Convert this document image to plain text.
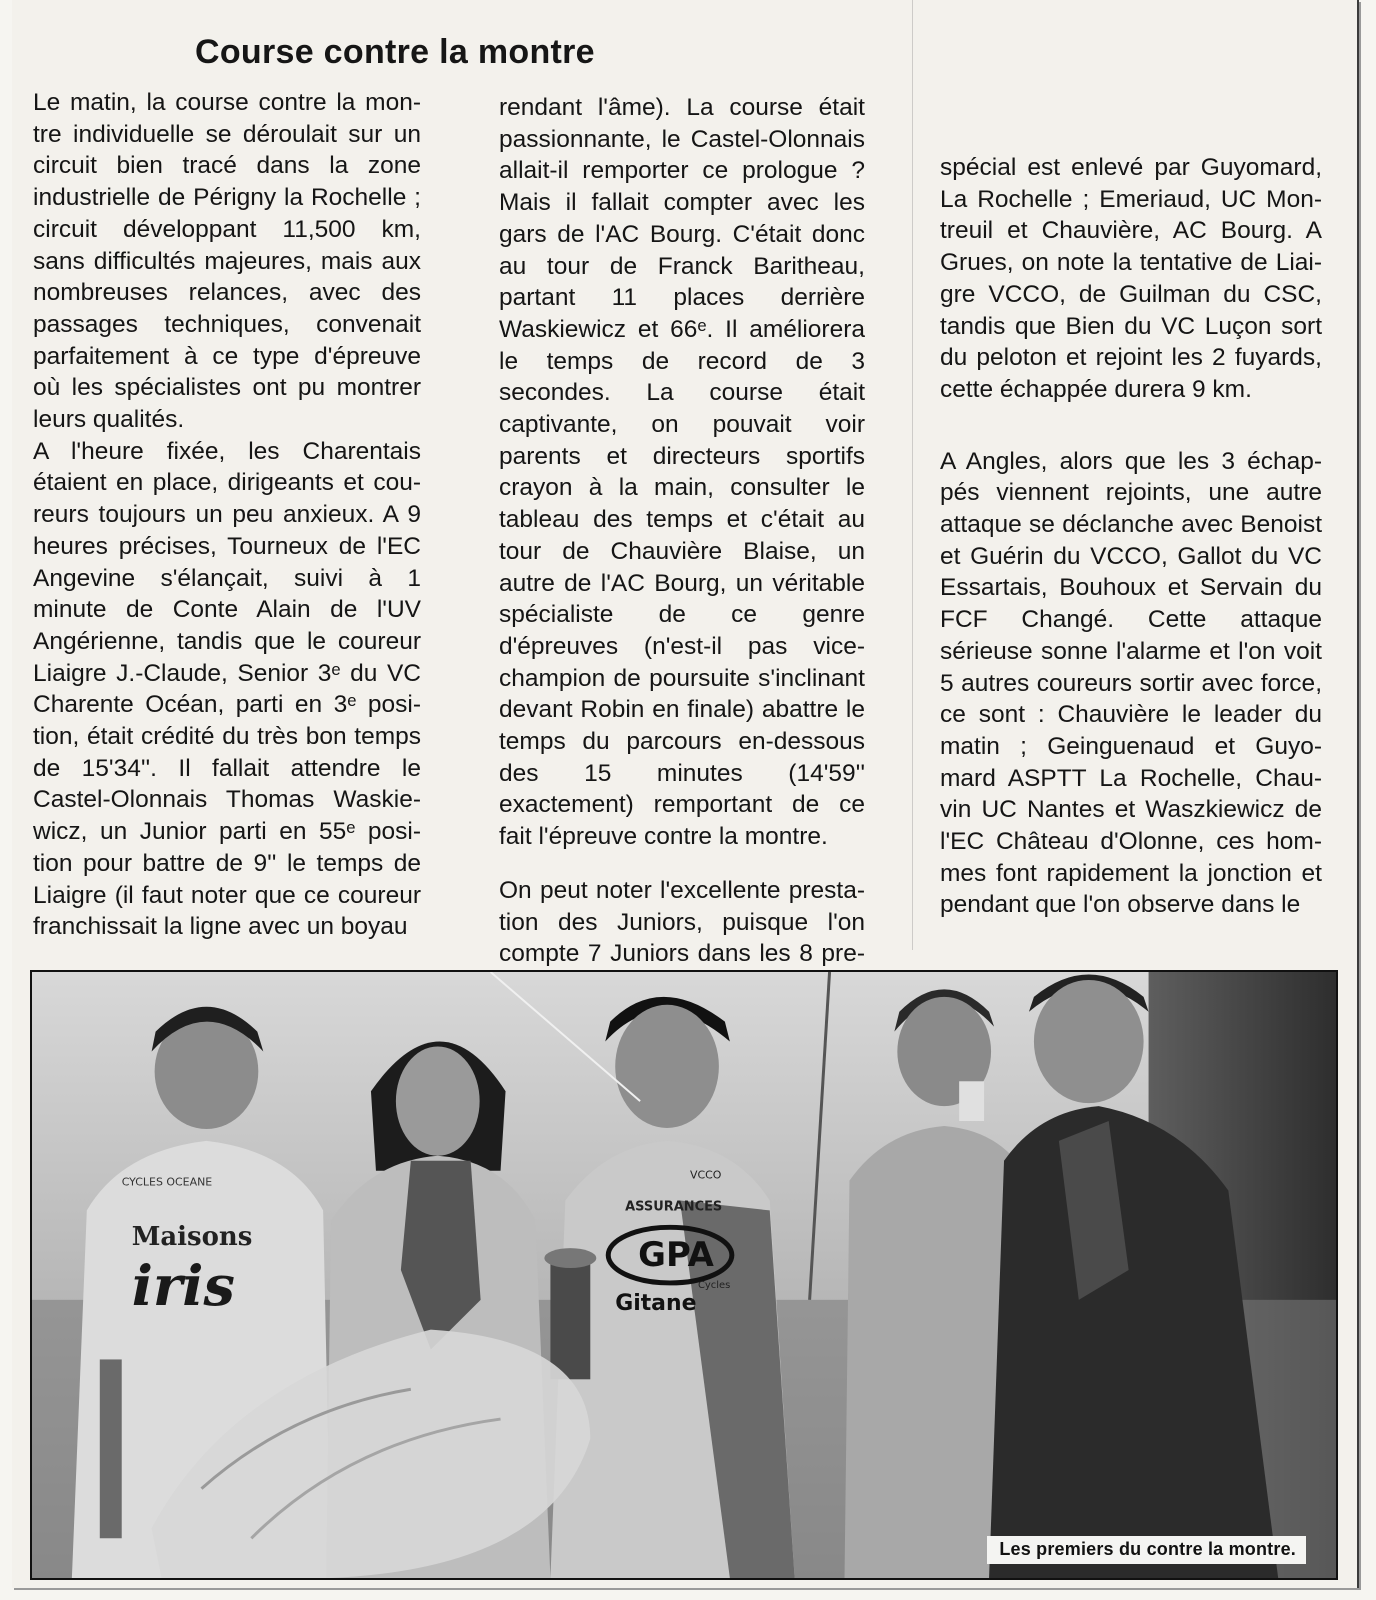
Course contre la montre

Le matin, la course contre la mon-tre individuelle se déroulait sur un circuit bien tracé dans la zone industrielle de Périgny la Rochelle ; circuit développant 11,500 km, sans difficultés majeures, mais aux nombreuses relances, avec des passages techniques, convenait parfaitement à ce type d'épreuve où les spécialistes ont pu montrer leurs qualités.

A l'heure fixée, les Charentais étaient en place, dirigeants et cou-reurs toujours un peu anxieux. A 9 heures précises, Tourneux de l'EC Angevine s'élançait, suivi à 1 minute de Conte Alain de l'UV Angérienne, tandis que le coureur Liaigre J.-Claude, Senior 3ᵉ du VC Charente Océan, parti en 3ᵉ posi-tion, était crédité du très bon temps de 15'34''. Il fallait attendre le Castel-Olonnais Thomas Waskie-wicz, un Junior parti en 55ᵉ posi-tion pour battre de 9'' le temps de Liaigre (il faut noter que ce coureur franchissait la ligne avec un boyau

rendant l'âme). La course était passionnante, le Castel-Olonnais allait-il remporter ce prologue ? Mais il fallait compter avec les gars de l'AC Bourg. C'était donc au tour de Franck Baritheau, partant 11 places derrière Waskiewicz et 66ᵉ. Il améliorera le temps de record de 3 secondes. La course était captivante, on pouvait voir parents et directeurs sportifs crayon à la main, consulter le tableau des temps et c'était au tour de Chauvière Blaise, un autre de l'AC Bourg, un véritable spécialiste de ce genre d'épreuves (n'est-il pas vice-champion de poursuite s'inclinant devant Robin en finale) abattre le temps du parcours en-dessous des 15 minutes (14'59'' exactement) remportant de ce fait l'épreuve contre la montre.

On peut noter l'excellente presta-tion des Juniors, puisque l'on compte 7 Juniors dans les 8 pre-

spécial est enlevé par Guyomard, La Rochelle ; Emeriaud, UC Mon-treuil et Chauvière, AC Bourg. A Grues, on note la tentative de Liai-gre VCCO, de Guilman du CSC, tandis que Bien du VC Luçon sort du peloton et rejoint les 2 fuyards, cette échappée durera 9 km.

A Angles, alors que les 3 échap-pés viennent rejoints, une autre attaque se déclanche avec Benoist et Guérin du VCCO, Gallot du VC Essartais, Bouhoux et Servain du FCF Changé. Cette attaque sérieuse sonne l'alarme et l'on voit 5 autres coureurs sortir avec force, ce sont : Chauvière le leader du matin ; Geinguenaud et Guyo-mard ASPTT La Rochelle, Chau-vin UC Nantes et Waszkiewicz de l'EC Château d'Olonne, ces hom-mes font rapidement la jonction et pendant que l'on observe dans le

Maisons
iris
CYCLES OCEANE
GPA
ASSURANCES
Cycles
Gitane
VCCO
Les premiers du contre la montre.
